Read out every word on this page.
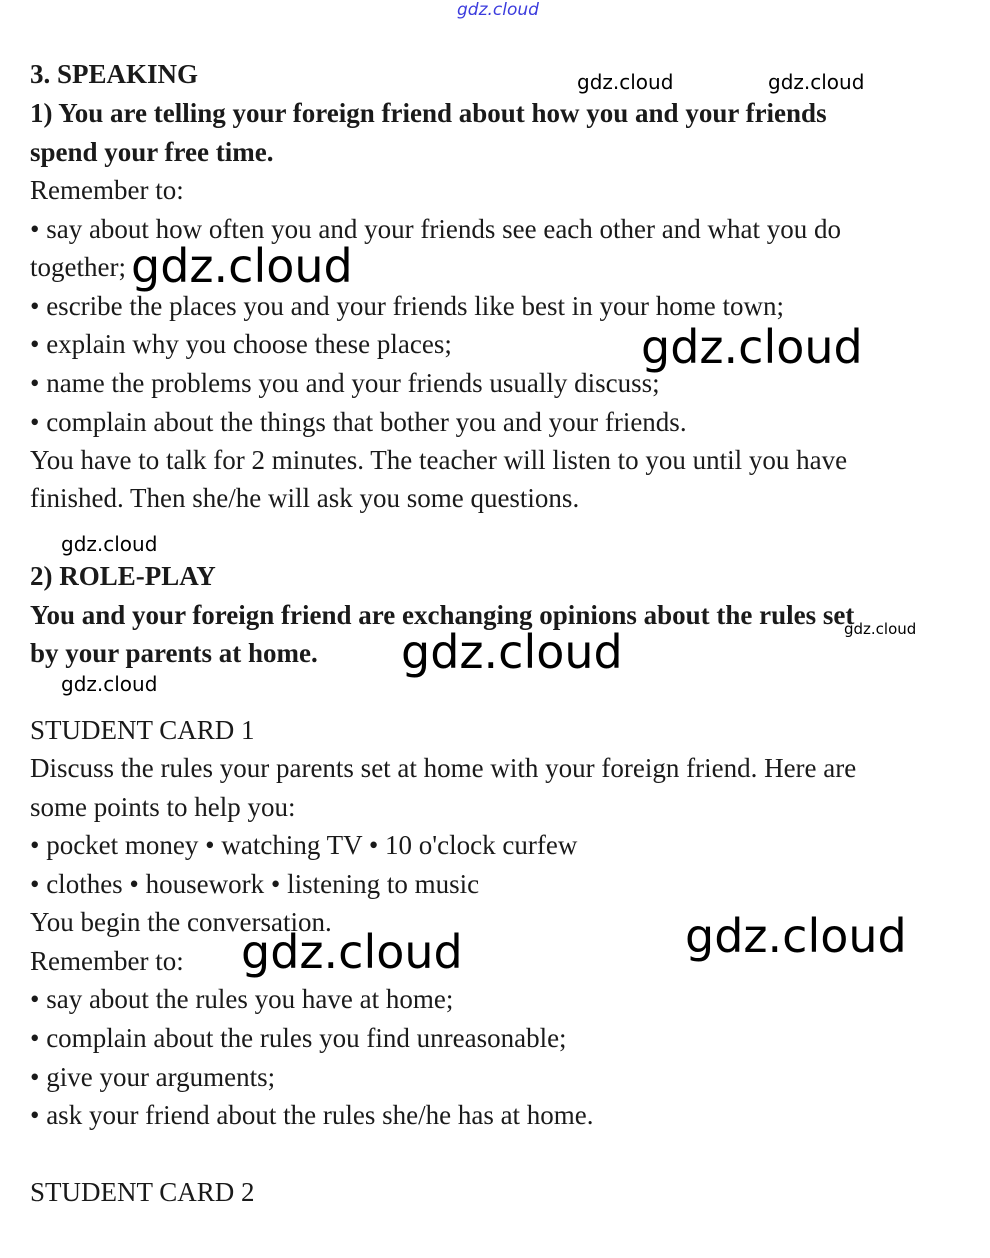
gdz.cloud
gdz.cloud	gdz.cloud
gdz.cloud
gdz.cloud
gdz.cloud
gdz.cloud
gdz.cloud
gdz.cloud
gdz.cloud
3. SPEAKING
1) You are telling your foreign friend about how you and your friends
spend your free time.
Remember to:
• say about how often you and your friends see each other and what you do
together; gdz.cloud
• escribe the places you and your friends like best in your home town;
• explain why you choose these places;
• name the problems you and your friends usually discuss;
• complain about the things that bother you and your friends.
You have to talk for 2 minutes. The teacher will listen to you until you have
finished. Then she/he will ask you some questions.
2) ROLE-PLAY
You and your foreign friend are exchanging opinions about the rules set
by your parents at home.
STUDENT CARD 1
Discuss the rules your parents set at home with your foreign friend. Here are
some points to help you:
• pocket money • watching TV • 10 o'clock curfew
• clothes • housework • listening to music
You begin the conversation.
Remember to:
• say about the rules you have at home;
• complain about the rules you find unreasonable;
• give your arguments;
• ask your friend about the rules she/he has at home.
STUDENT CARD 2
